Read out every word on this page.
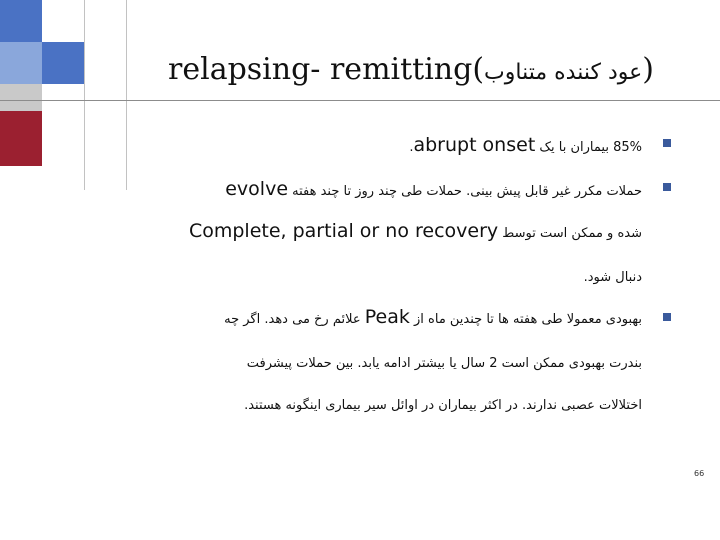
relapsing- remitting(عود کننده متناوب)
85% بیماران با یک abrupt onset.
حملات مکرر غیر قابل پیش بینی. حملات طی چند روز تا چند هفته evolve
شده و ممکن است توسط Complete, partial or no recovery
دنبال شود.
بهبودی معمولا طی هفته ها تا چندین ماه از Peak علائم رخ می دهد. اگر چه
بندرت بهبودی ممکن است 2 سال یا بیشتر ادامه یابد. بین حملات پیشرفت
اختلالات عصبی ندارند. در اکثر بیماران در اوائل سیر بیماری اینگونه هستند.
66
